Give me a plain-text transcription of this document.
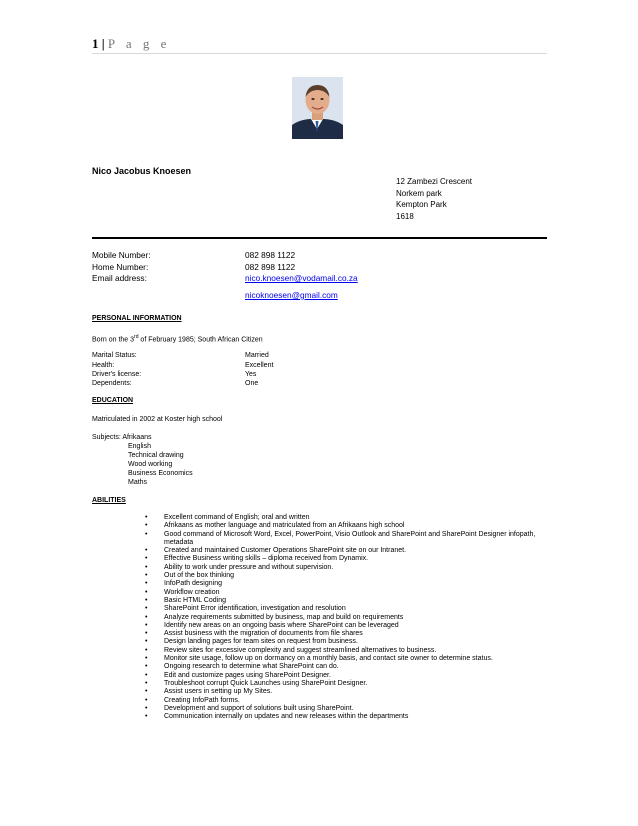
1 | P a g e
Nico Jacobus Knoesen
12 Zambezi Crescent
Norkem park
Kempton Park
1618
Mobile Number:	082 898 1122
Home Number:	082 898 1122
Email address:	nico.knoesen@vodamail.co.za
nicoknoesen@gmail.com
PERSONAL INFORMATION
Born on the 3rd of February 1985; South African Citizen
Marital Status:	Married
Health:	Excellent
Driver's license:	Yes
Dependents:	One
EDUCATION
Matriculated in 2002 at Koster high school
Subjects: Afrikaans
English
Technical drawing
Wood working
Business Economics
Maths
ABILITIES
• Excellent command of English; oral and written
• Afrikaans as mother language and matriculated from an Afrikaans high school
• Good command of Microsoft Word, Excel, PowerPoint, Visio Outlook and SharePoint and SharePoint Designer infopath, metadata
• Created and maintained Customer Operations SharePoint site on our Intranet.
• Effective Business writing skills – diploma received from Dynamix.
• Ability to work under pressure and without supervision.
• Out of the box thinking
• InfoPath designing
• Workflow creation
• Basic HTML Coding
• SharePoint Error identification, investigation and resolution
• Analyze requirements submitted by business, map and build on requirements
• Identify new areas on an ongoing basis where SharePoint can be leveraged
• Assist business with the migration of documents from file shares
• Design landing pages for team sites on request from business.
• Review sites for excessive complexity and suggest streamlined alternatives to business.
• Monitor site usage, follow up on dormancy on a monthly basis, and contact site owner to determine status.
• Ongoing research to determine what SharePoint can do.
• Edit and customize pages using SharePoint Designer.
• Troubleshoot corrupt Quick Launches using SharePoint Designer.
• Assist users in setting up My Sites.
• Creating InfoPath forms.
• Development and support of solutions built using SharePoint.
• Communication internally on updates and new releases within the departments
